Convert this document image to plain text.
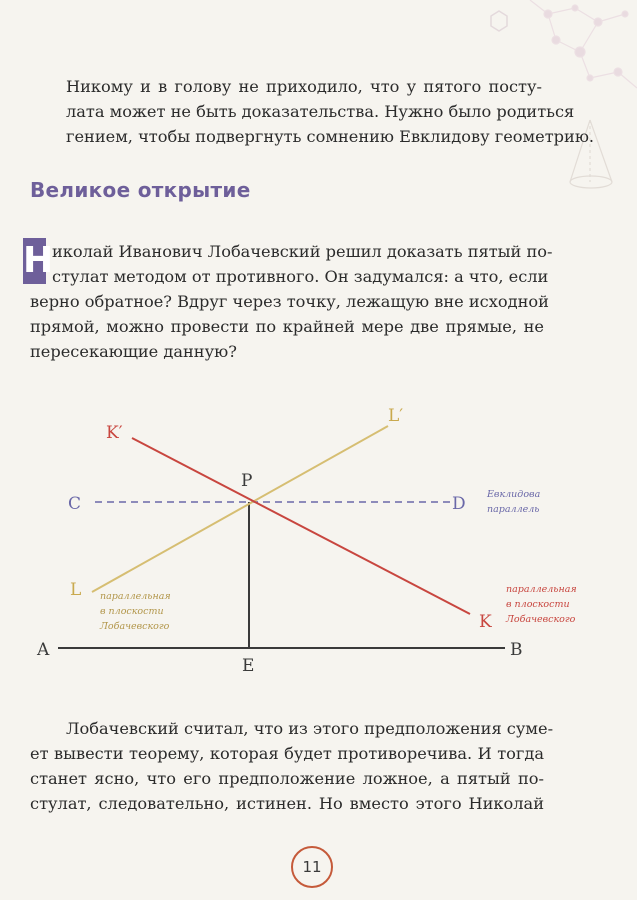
Никому и в голову не приходило, что у пятого посту-
лата может не быть доказательства. Нужно было родиться
гением, чтобы подвергнуть сомнению Евклидову геометрию.

Великое открытие
Н

иколай Иванович Лобачевский решил доказать пятый по-
стулат методом от противного. Он задумался: а что, если

верно обратное? Вдруг через точку, лежащую вне исходной
прямой, можно провести по крайней мере две прямые, не
пересекающие данную?

K′
L′
P
C	D
L
K
A	B
E
Евклидова
параллель
параллельная
в плоскости
Лобачевского
параллельная
в плоскости
Лобачевского

Лобачевский считал, что из этого предположения суме-
ет вывести теорему, которая будет противоречива. И тогда
станет ясно, что его предположение ложное, а пятый по-
стулат, следовательно, истинен. Но вместо этого Николай

11
